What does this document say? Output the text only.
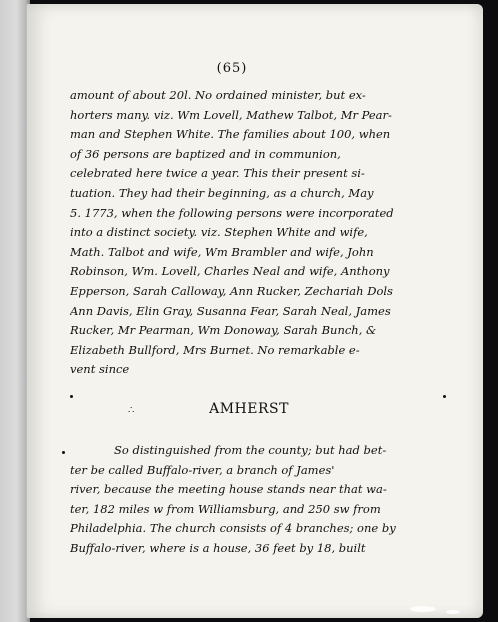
(65)
amount of about 20l. No ordained minister, but ex-
horters many. viz. Wm Lovell, Mathew Talbot, Mr Pear-
man and Stephen White. The families about 100, when
of 36 persons are baptized and in communion,
celebrated here twice a year. This their present si-
tuation. They had their beginning, as a church, May
5. 1773, when the following persons were incorporated
into a distinct society. viz. Stephen White and wife,
Math. Talbot and wife, Wm Brambler and wife, John
Robinson, Wm. Lovell, Charles Neal and wife, Anthony
Epperson, Sarah Calloway, Ann Rucker, Zechariah Dols
Ann Davis, Elin Gray, Susanna Fear, Sarah Neal, James
Rucker, Mr Pearman, Wm Donoway, Sarah Bunch, &
Elizabeth Bullford, Mrs Burnet. No remarkable e-
vent since
∴	AMHERST
So distinguished from the county; but had bet-
ter be called Buffalo-river, a branch of James'
river, because the meeting house stands near that wa-
ter, 182 miles w from Williamsburg, and 250 sw from
Philadelphia. The church consists of 4 branches; one by
Buffalo-river, where is a house, 36 feet by 18, built
